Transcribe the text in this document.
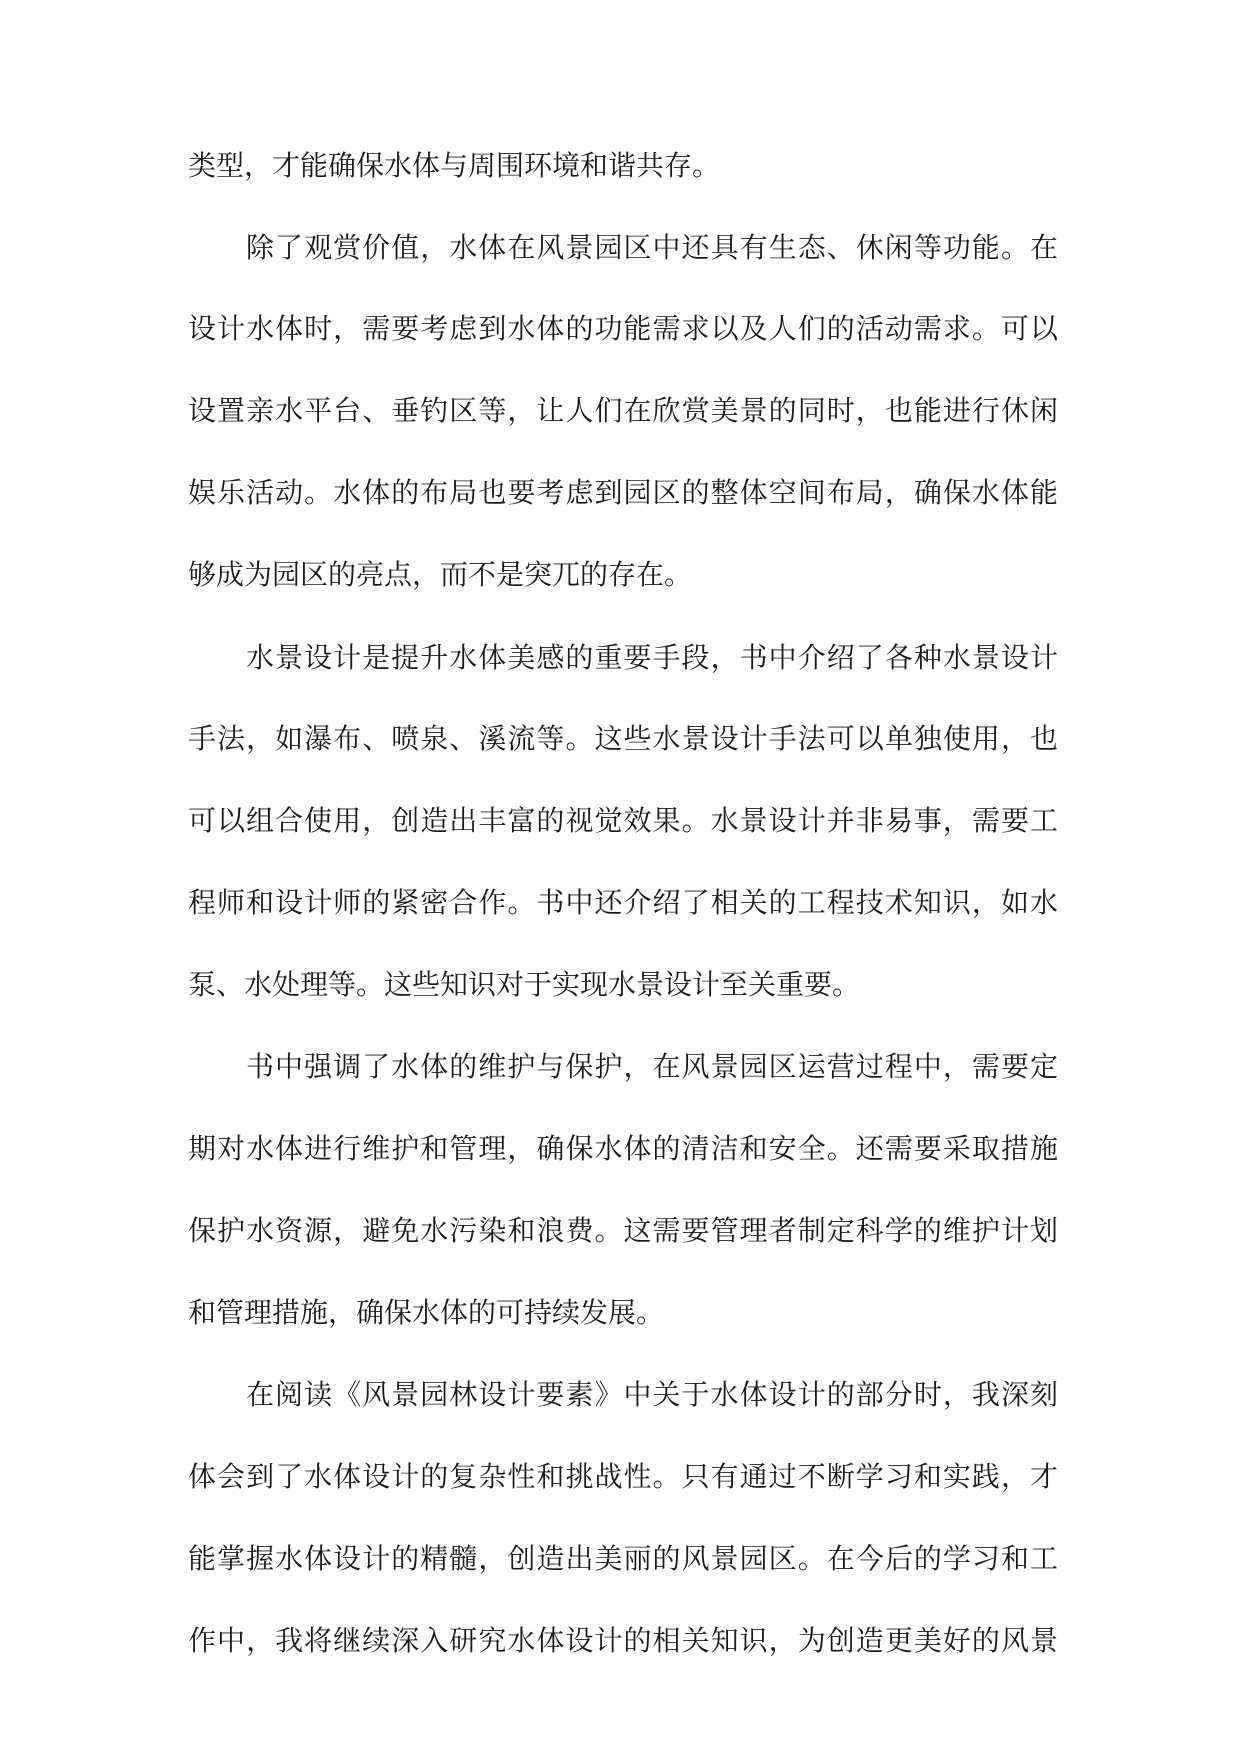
类型，才能确保水体与周围环境和谐共存。
除了观赏价值，水体在风景园区中还具有生态、休闲等功能。在
设计水体时，需要考虑到水体的功能需求以及人们的活动需求。可以
设置亲水平台、垂钓区等，让人们在欣赏美景的同时，也能进行休闲
娱乐活动。水体的布局也要考虑到园区的整体空间布局，确保水体能
够成为园区的亮点，而不是突兀的存在。
水景设计是提升水体美感的重要手段，书中介绍了各种水景设计
手法，如瀑布、喷泉、溪流等。这些水景设计手法可以单独使用，也
可以组合使用，创造出丰富的视觉效果。水景设计并非易事，需要工
程师和设计师的紧密合作。书中还介绍了相关的工程技术知识，如水
泵、水处理等。这些知识对于实现水景设计至关重要。
书中强调了水体的维护与保护，在风景园区运营过程中，需要定
期对水体进行维护和管理，确保水体的清洁和安全。还需要采取措施
保护水资源，避免水污染和浪费。这需要管理者制定科学的维护计划
和管理措施，确保水体的可持续发展。
在阅读《风景园林设计要素》中关于水体设计的部分时，我深刻
体会到了水体设计的复杂性和挑战性。只有通过不断学习和实践，才
能掌握水体设计的精髓，创造出美丽的风景园区。在今后的学习和工
作中，我将继续深入研究水体设计的相关知识，为创造更美好的风景
